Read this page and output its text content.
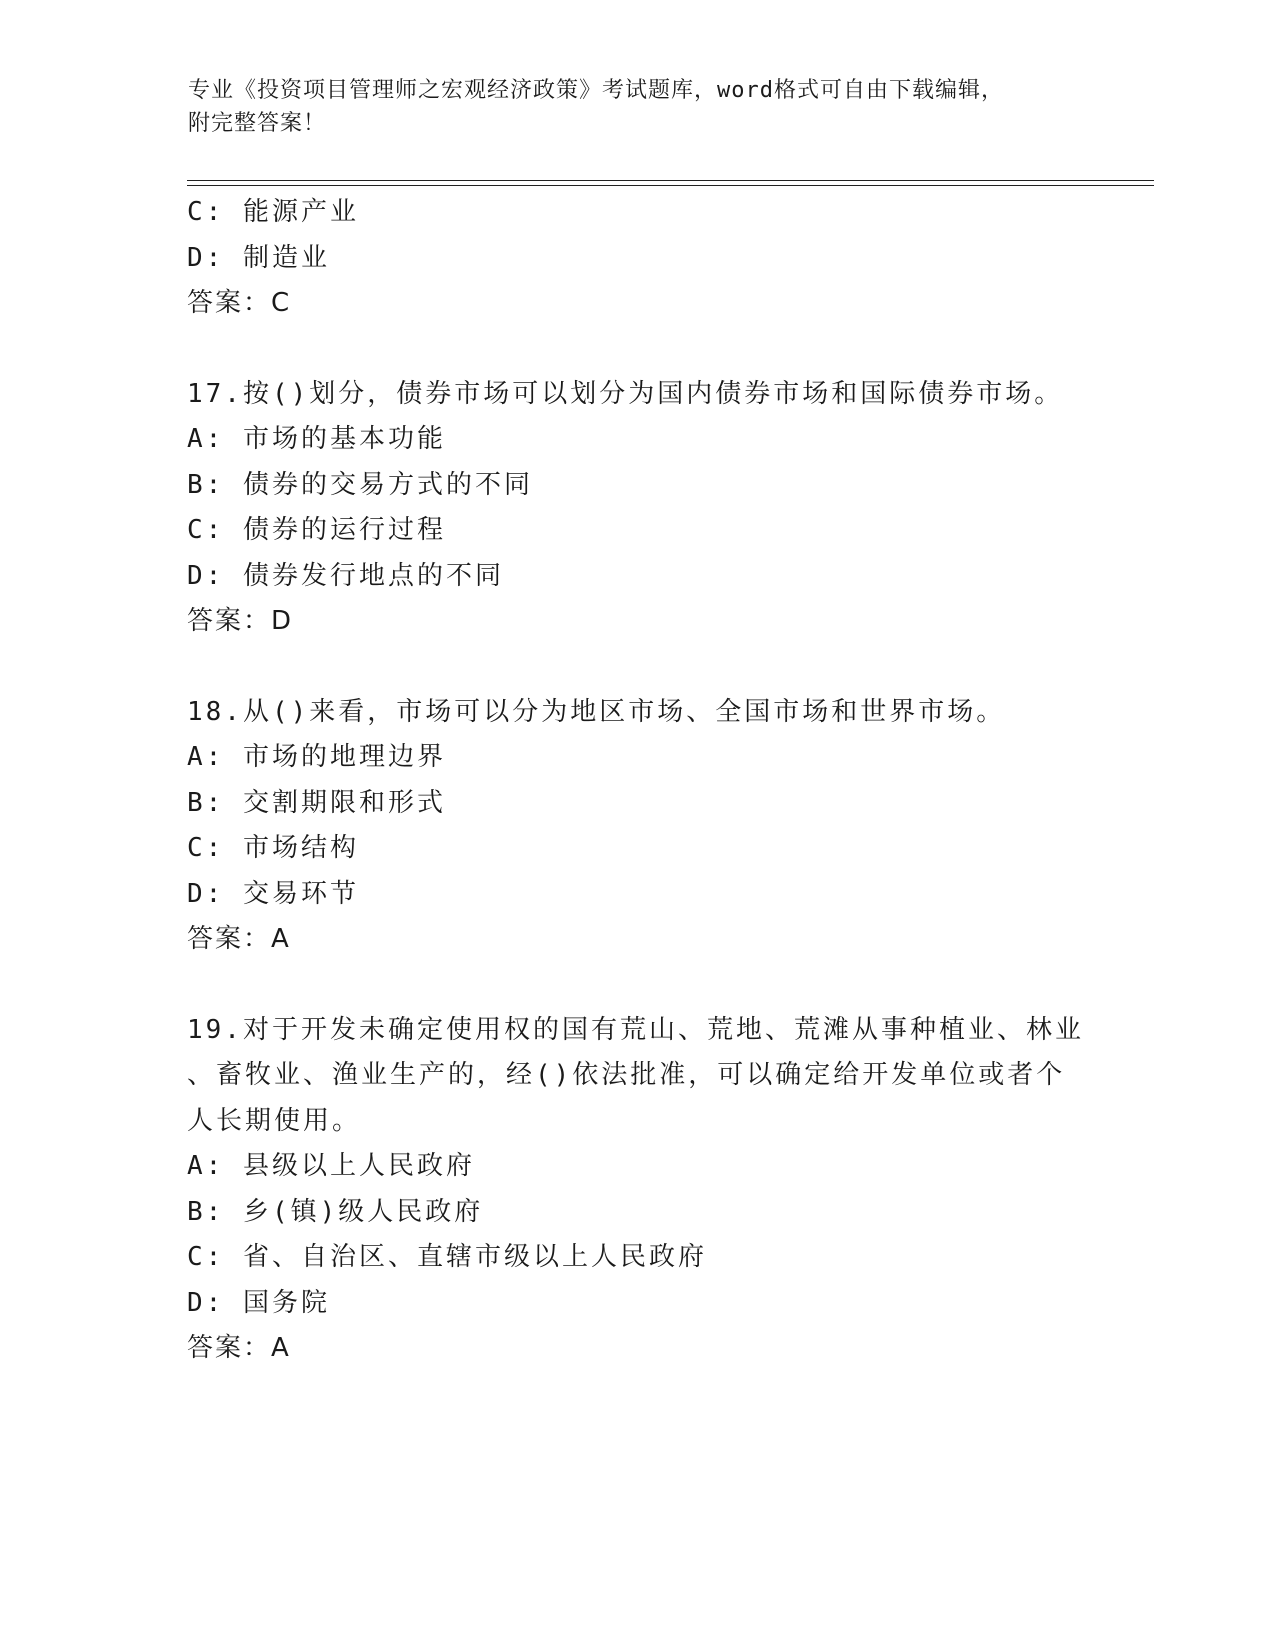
专业《投资项目管理师之宏观经济政策》考试题库，word格式可自由下载编辑，
附完整答案！
C: 能源产业
D: 制造业
答案：C
17.按()划分，债券市场可以划分为国内债券市场和国际债券市场。
A: 市场的基本功能
B: 债券的交易方式的不同
C: 债券的运行过程
D: 债券发行地点的不同
答案：D
18.从()来看，市场可以分为地区市场、全国市场和世界市场。
A: 市场的地理边界
B: 交割期限和形式
C: 市场结构
D: 交易环节
答案：A
19.对于开发未确定使用权的国有荒山、荒地、荒滩从事种植业、林业
、畜牧业、渔业生产的，经()依法批准，可以确定给开发单位或者个
人长期使用。
A: 县级以上人民政府
B: 乡(镇)级人民政府
C: 省、自治区、直辖市级以上人民政府
D: 国务院
答案：A
